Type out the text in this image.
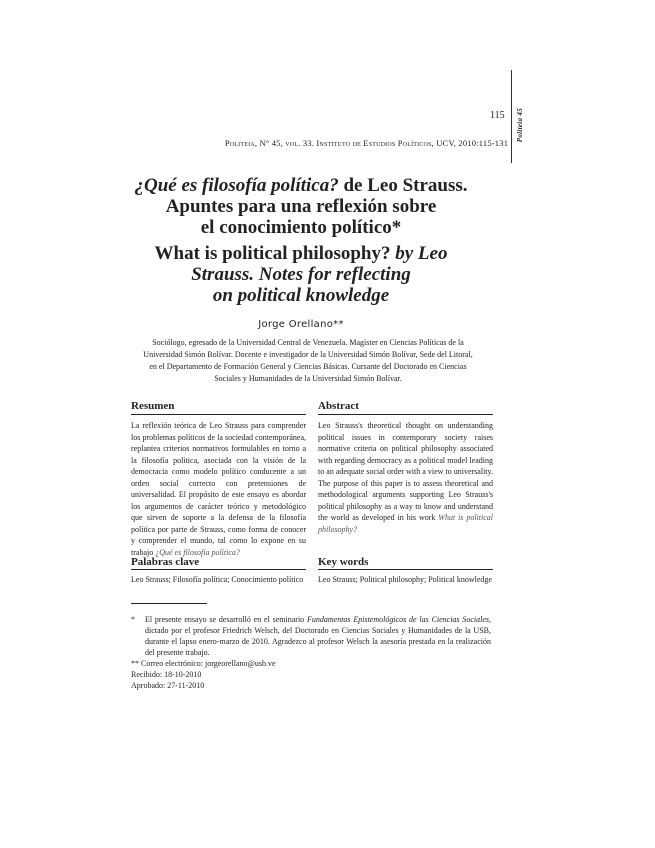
115 Politeia 45
Politeia, N° 45, vol. 33. Instituto de Estudios Políticos, UCV, 2010:115-131
¿Qué es filosofía política? de Leo Strauss.
Apuntes para una reflexión sobre
el conocimiento político*
What is political philosophy? by Leo
Strauss. Notes for reflecting
on political knowledge
Jorge Orellano**
Sociólogo, egresado de la Universidad Central de Venezuela. Magíster en Ciencias Políticas de la Universidad Simón Bolívar. Docente e investigador de la Universidad Simón Bolívar, Sede del Litoral, en el Departamento de Formación General y Ciencias Básicas. Cursante del Doctorado en Ciencias Sociales y Humanidades de la Universidad Simón Bolívar.
Resumen	Abstract
La reflexión teórica de Leo Strauss para comprender los problemas políticos de la sociedad contemporánea, replantea criterios normativos formulables en torno a la filosofía política, asociada con la visión de la democracia como modelo político conducente a un orden social correcto con pretensiones de universalidad. El propósito de este ensayo es abordar los argumentos de carácter teórico y metodológico que sirven de soporte a la defensa de la filosofía política por parte de Strauss, como forma de conocer y comprender el mundo, tal como lo expone en su trabajo ¿Qué es filosofía política?
Leo Strauss's theoretical thought on understanding political issues in contemporary society raises normative criteria on political philosophy associated with regarding democracy as a political model leading to an adequate social order with a view to universality. The purpose of this paper is to assess theoretical and methodological arguments supporting Leo Strauss's political philosophy as a way to know and understand the world as developed in his work What is political philosophy?
Palabras clave	Key words
Leo Strauss; Filosofía política; Conocimiento político	Leo Strauss; Political philosophy; Political knowledge
*	El presente ensayo se desarrolló en el seminario Fundamentos Epistemológicos de las Ciencias Sociales, dictado por el profesor Friedrich Welsch, del Doctorado en Ciencias Sociales y Humanidades de la USB, durante el lapso enero-marzo de 2010. Agradezco al profesor Welsch la asesoría prestada en la realización del presente trabajo.
** Correo electrónico: jorgeorellano@usb.ve
Recibido: 18-10-2010
Aprobado: 27-11-2010
